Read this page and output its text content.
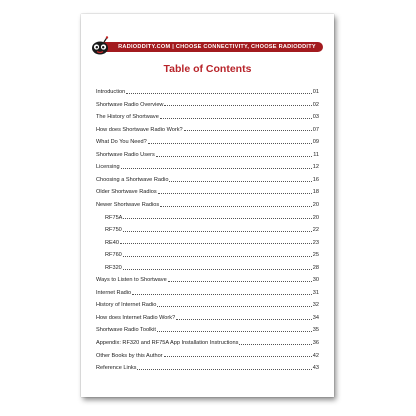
RADIODDITY.COM | CHOOSE CONNECTIVITY, CHOOSE RADIODDITY
Table of Contents
Introduction	01
Shortwave Radio Overview	02
The History of Shortwave	03
How does Shortwave Radio Work?	07
What Do You Need?	09
Shortwave Radio Users	11
Licensing	12
Choosing a Shortwave Radio	16
Older Shortwave Radios	18
Newer Shortwave Radios	20
RF75A	20
RF750	22
RE40	23
RF760	25
RF320	28
Ways to Listen to Shortwave	30
Internet Radio	31
History of Internet Radio	32
How does Internet Radio Work?	34
Shortwave Radio Toolkit	35
Appendix: RF320 and RF75A App Installation Instructions	36
Other Books by this Author	42
Reference Links	43
